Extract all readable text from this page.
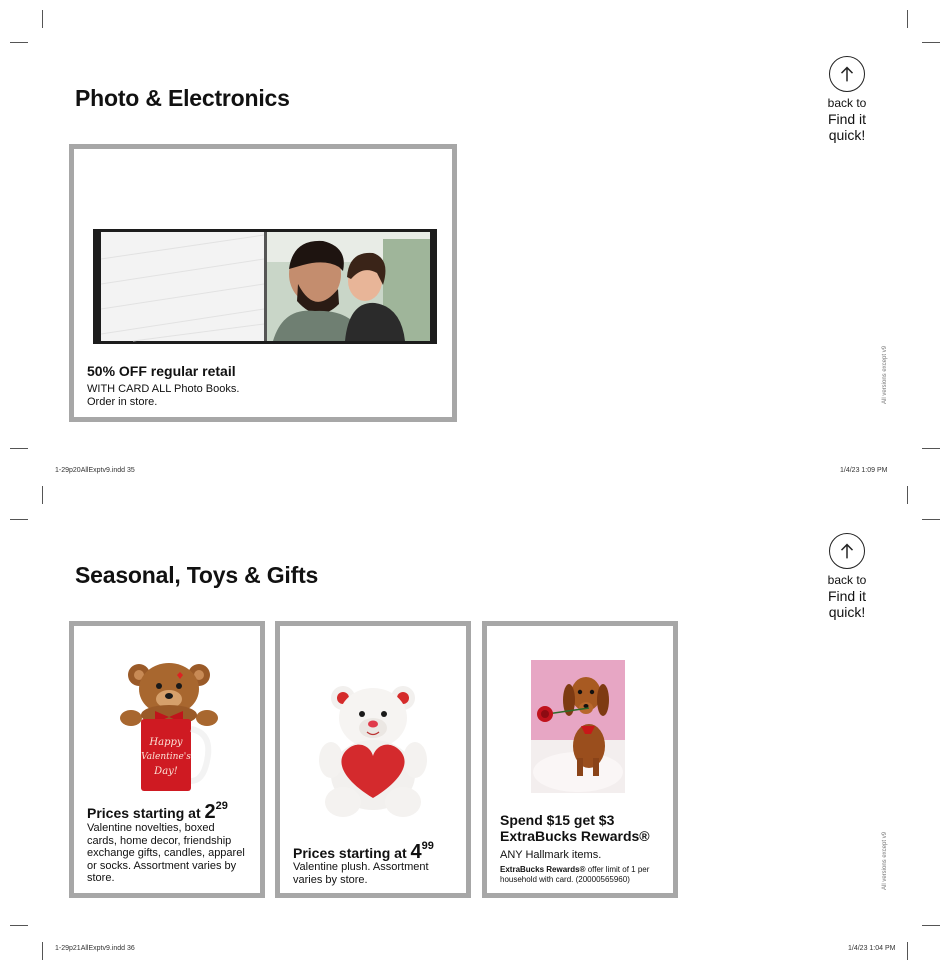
Photo & Electronics	back to
Find it
quick!
All versions except v9
50% OFF regular retail
WITH CARD ALL Photo Books.
Order in store.
1-29p20AllExptv9.indd 35	1/4/23 1:09 PM
Seasonal, Toys & Gifts	back to
Find it
quick!
All versions except v9
Happy
Valentine's
Day!
Prices starting at $2^{29}$
Valentine novelties, boxed cards, home decor, friendship exchange gifts, candles, apparel or socks. Assortment varies by store.
Prices starting at $4^{99}$
Valentine plush. Assortment varies by store.
Spend $15 get $3
ExtraBucks Rewards®
ANY Hallmark items.
ExtraBucks Rewards® offer limit of 1 per household with card. (20000565960)
1-29p21AllExptv9.indd 36	1/4/23 1:04 PM
